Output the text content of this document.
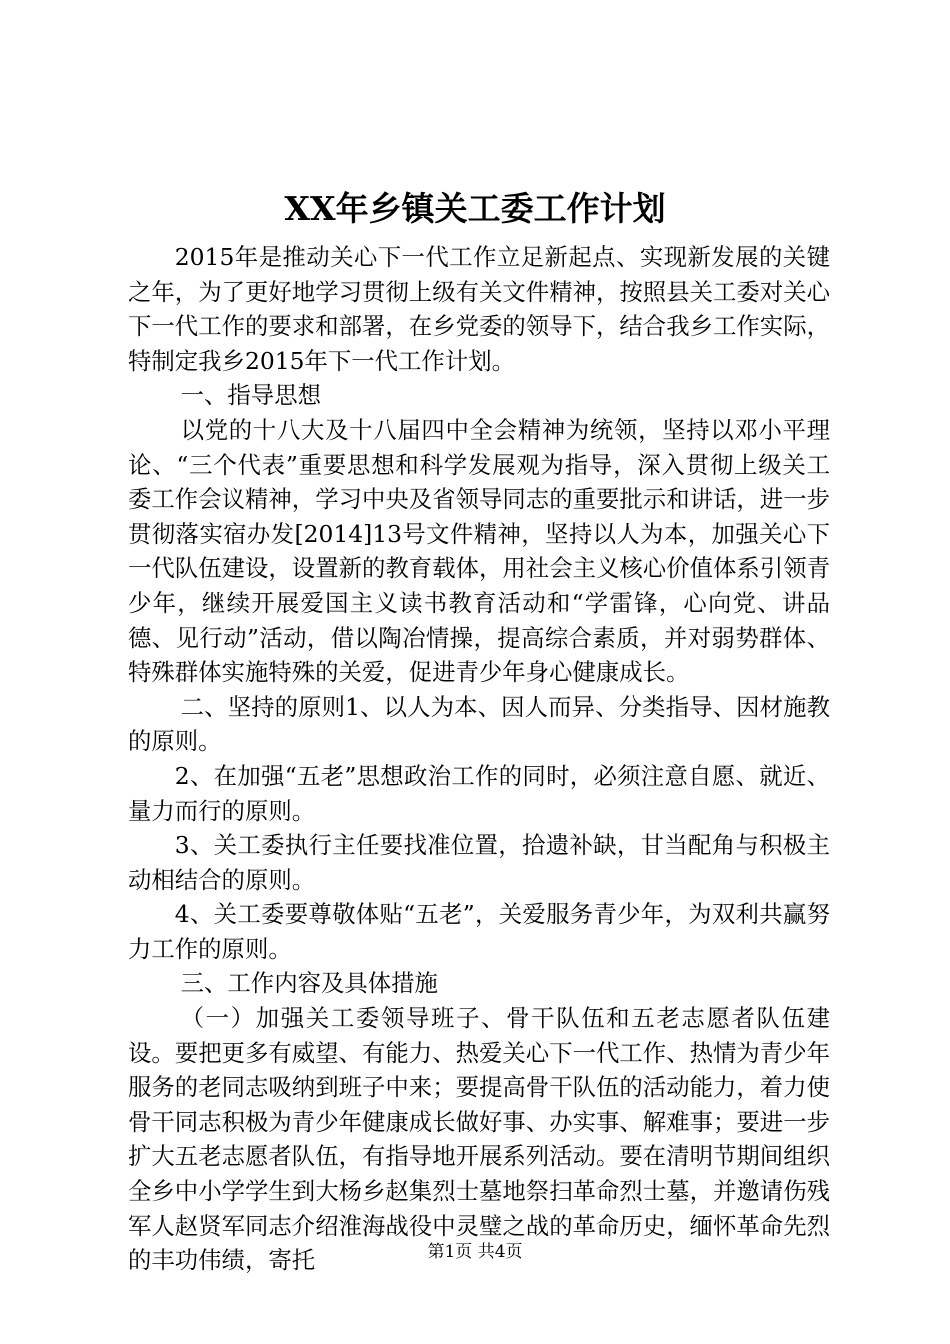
XX年乡镇关工委工作计划

2015年是推动关心下一代工作立足新起点、实现新发展的关键之年，为了更好地学习贯彻上级有关文件精神，按照县关工委对关心下一代工作的要求和部署，在乡党委的领导下，结合我乡工作实际，特制定我乡2015年下一代工作计划。

一、指导思想

以党的十八大及十八届四中全会精神为统领，坚持以邓小平理论、“三个代表”重要思想和科学发展观为指导，深入贯彻上级关工委工作会议精神，学习中央及省领导同志的重要批示和讲话，进一步贯彻落实宿办发[2014]13号文件精神，坚持以人为本，加强关心下一代队伍建设，设置新的教育载体，用社会主义核心价值体系引领青少年，继续开展爱国主义读书教育活动和“学雷锋，心向党、讲品德、见行动”活动，借以陶冶情操，提高综合素质，并对弱势群体、特殊群体实施特殊的关爱，促进青少年身心健康成长。

二、坚持的原则1、以人为本、因人而异、分类指导、因材施教的原则。

2、在加强“五老”思想政治工作的同时，必须注意自愿、就近、量力而行的原则。

3、关工委执行主任要找准位置，拾遗补缺，甘当配角与积极主动相结合的原则。

4、关工委要尊敬体贴“五老”，关爱服务青少年，为双利共赢努力工作的原则。

三、工作内容及具体措施

（一）加强关工委领导班子、骨干队伍和五老志愿者队伍建设。要把更多有威望、有能力、热爱关心下一代工作、热情为青少年服务的老同志吸纳到班子中来；要提高骨干队伍的活动能力，着力使骨干同志积极为青少年健康成长做好事、办实事、解难事；要进一步扩大五老志愿者队伍，有指导地开展系列活动。要在清明节期间组织全乡中小学学生到大杨乡赵集烈士墓地祭扫革命烈士墓，并邀请伤残军人赵贤军同志介绍淮海战役中灵璧之战的革命历史，缅怀革命先烈的丰功伟绩，寄托	第1页 共4页
